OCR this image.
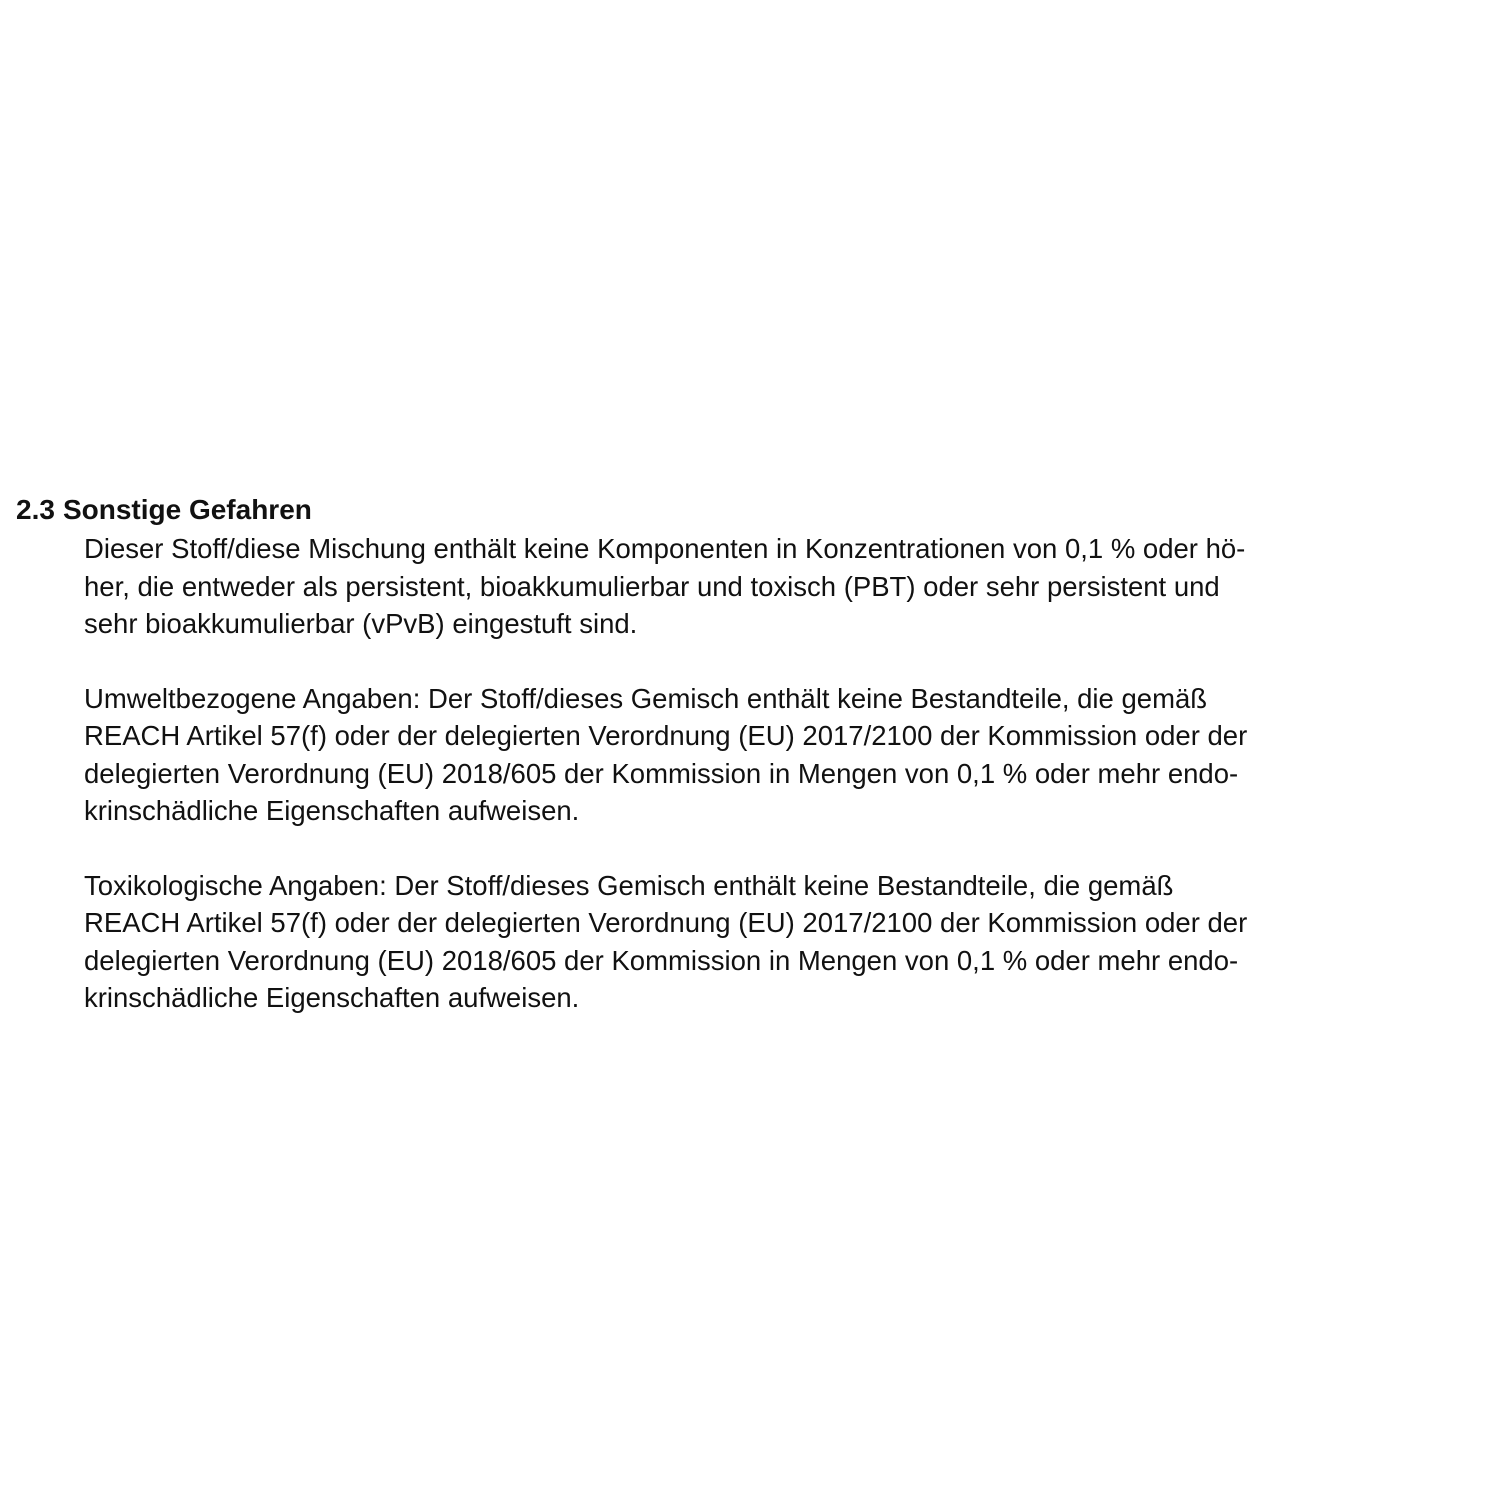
2.3 Sonstige Gefahren

Dieser Stoff/diese Mischung enthält keine Komponenten in Konzentrationen von 0,1 % oder hö-
her, die entweder als persistent, bioakkumulierbar und toxisch (PBT) oder sehr persistent und
sehr bioakkumulierbar (vPvB) eingestuft sind.

Umweltbezogene Angaben: Der Stoff/dieses Gemisch enthält keine Bestandteile, die gemäß
REACH Artikel 57(f) oder der delegierten Verordnung (EU) 2017/2100 der Kommission oder der
delegierten Verordnung (EU) 2018/605 der Kommission in Mengen von 0,1 % oder mehr endo-
krinschädliche Eigenschaften aufweisen.

Toxikologische Angaben: Der Stoff/dieses Gemisch enthält keine Bestandteile, die gemäß
REACH Artikel 57(f) oder der delegierten Verordnung (EU) 2017/2100 der Kommission oder der
delegierten Verordnung (EU) 2018/605 der Kommission in Mengen von 0,1 % oder mehr endo-
krinschädliche Eigenschaften aufweisen.
